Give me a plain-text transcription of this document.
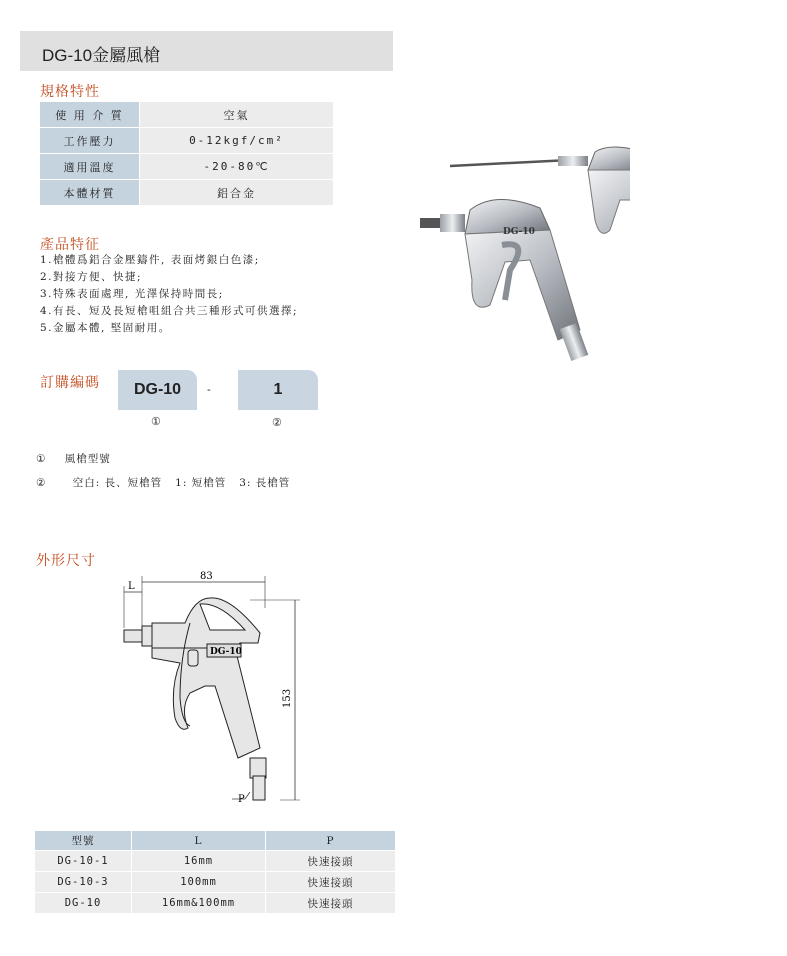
DG-10金屬風槍
規格特性
使 用 介 質	空氣
工作壓力	0-12kgf/cm²
適用溫度	-20-80℃
本體材質	鋁合金
產品特征
1.槍體爲鋁合金壓鑄件, 表面烤銀白色漆;
2.對接方便、快捷;
3.特殊表面處理, 光澤保持時間長;
4.有長、短及長短槍咀組合共三種形式可供選擇;
5.金屬本體, 堅固耐用。
訂購編碼	DG-10	-	1
①	②
① 風槍型號
②	空白: 長、短槍管   1: 短槍管   3: 長槍管
DG-10
外形尺寸
83
L
153
DG-10
P
型號	L	P
DG-10-1	16mm	快速接頭
DG-10-3	100mm	快速接頭
DG-10	16mm&100mm	快速接頭
